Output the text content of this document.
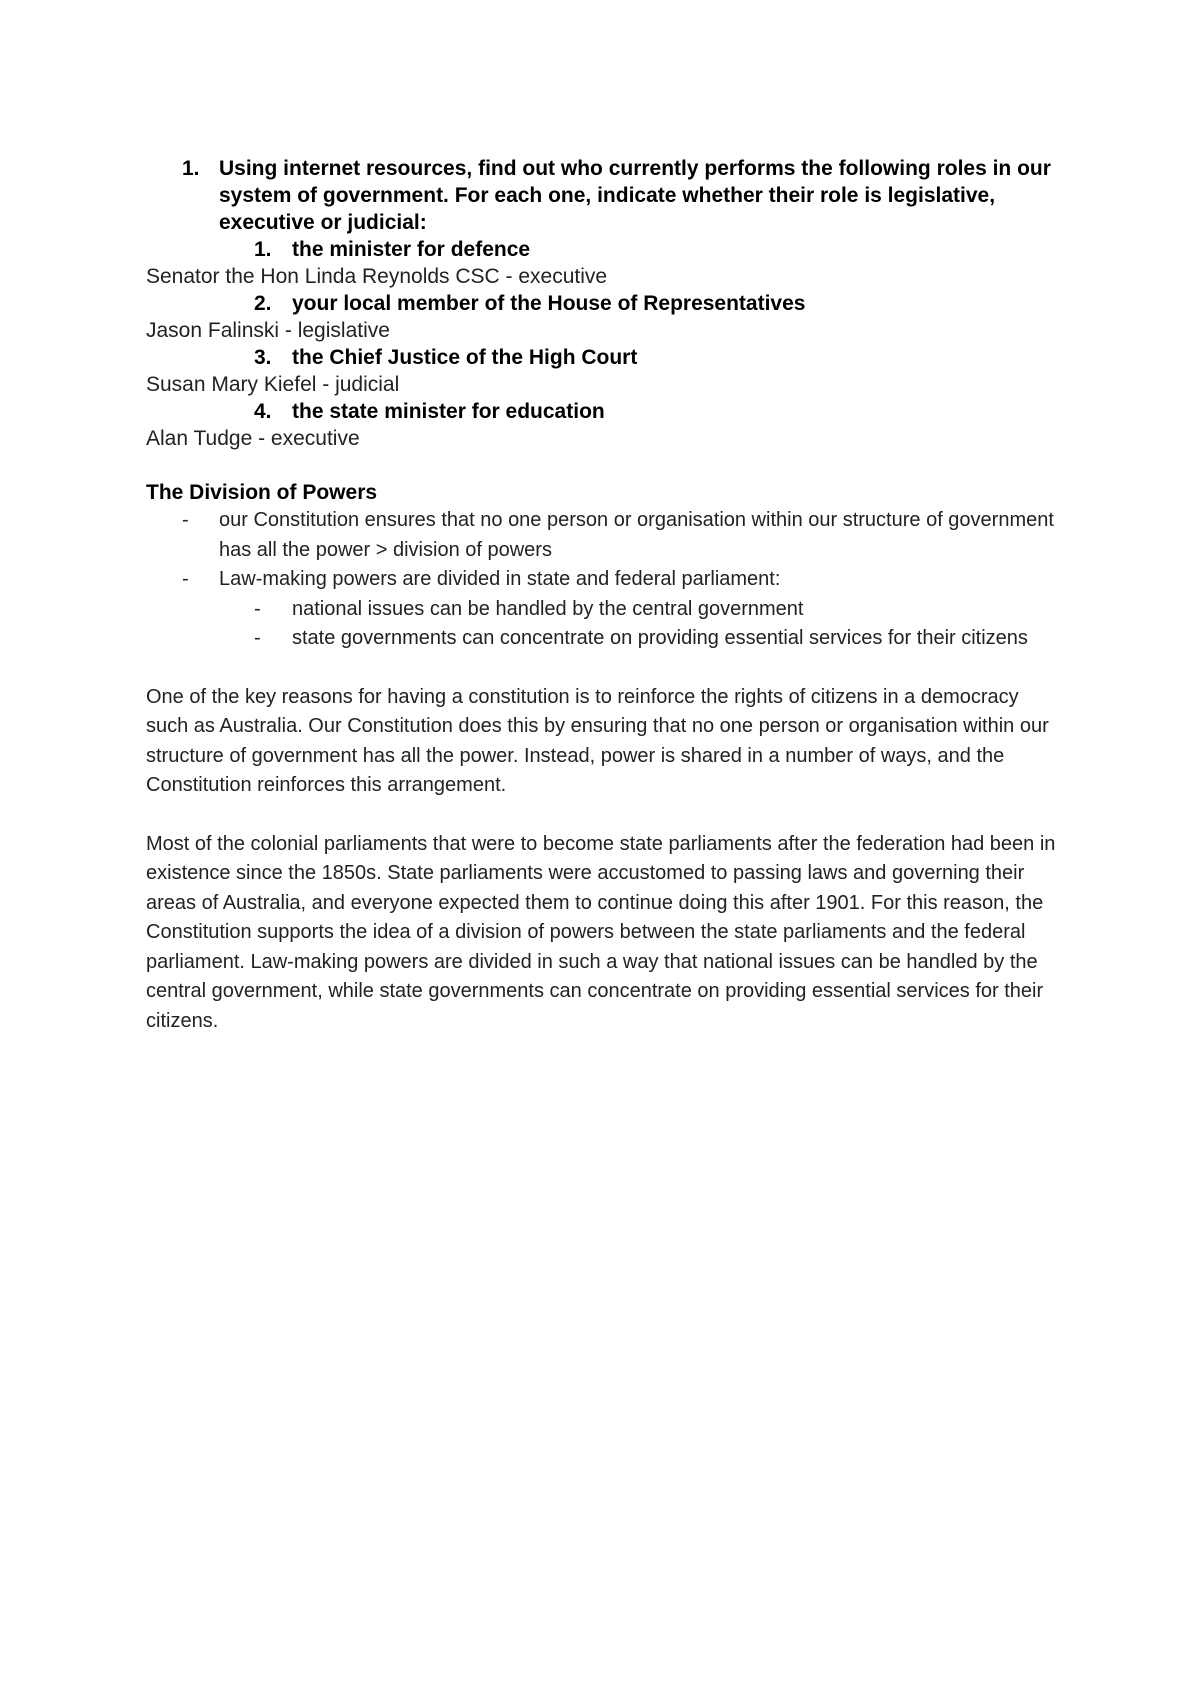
1. Using internet resources, find out who currently performs the following roles in our system of government. For each one, indicate whether their role is legislative, executive or judicial:
1. the minister for defence
Senator the Hon Linda Reynolds CSC - executive
2. your local member of the House of Representatives
Jason Falinski - legislative
3. the Chief Justice of the High Court
Susan Mary Kiefel - judicial
4. the state minister for education
Alan Tudge - executive
The Division of Powers
- our Constitution ensures that no one person or organisation within our structure of government has all the power > division of powers
- Law-making powers are divided in state and federal parliament:
- national issues can be handled by the central government
- state governments can concentrate on providing essential services for their citizens

One of the key reasons for having a constitution is to reinforce the rights of citizens in a democracy such as Australia. Our Constitution does this by ensuring that no one person or organisation within our structure of government has all the power. Instead, power is shared in a number of ways, and the Constitution reinforces this arrangement.

Most of the colonial parliaments that were to become state parliaments after the federation had been in existence since the 1850s. State parliaments were accustomed to passing laws and governing their areas of Australia, and everyone expected them to continue doing this after 1901. For this reason, the Constitution supports the idea of a division of powers between the state parliaments and the federal parliament. Law-making powers are divided in such a way that national issues can be handled by the central government, while state governments can concentrate on providing essential services for their citizens.
